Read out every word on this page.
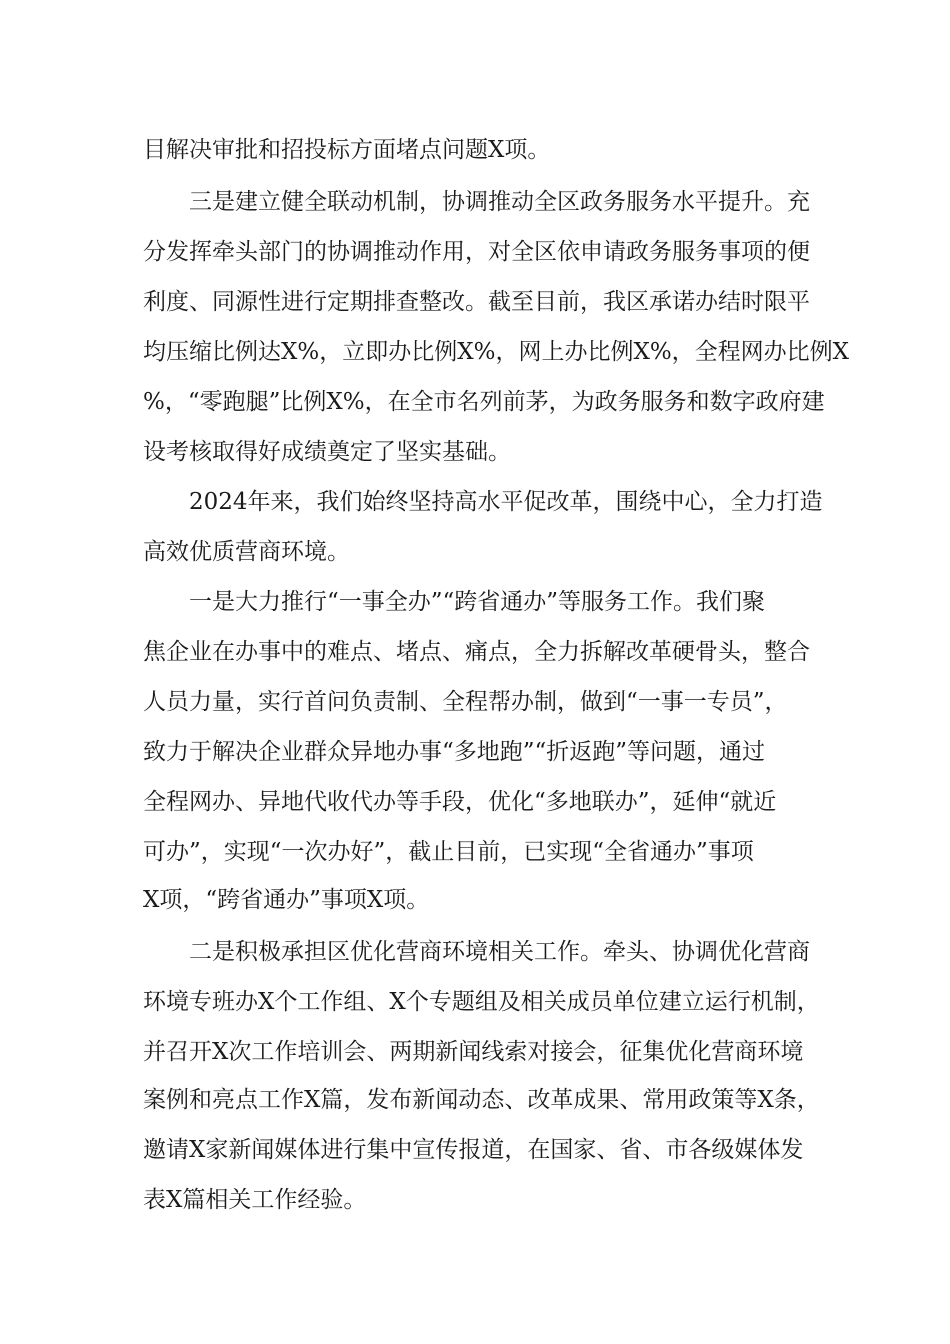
目解决审批和招投标方面堵点问题X项。
三是建立健全联动机制，协调推动全区政务服务水平提升。充
分发挥牵头部门的协调推动作用，对全区依申请政务服务事项的便
利度、同源性进行定期排查整改。截至目前，我区承诺办结时限平
均压缩比例达X%，立即办比例X%，网上办比例X%，全程网办比例X
%，“零跑腿”比例X%，在全市名列前茅，为政务服务和数字政府建
设考核取得好成绩奠定了坚实基础。
2024年来，我们始终坚持高水平促改革，围绕中心，全力打造
高效优质营商环境。
一是大力推行“一事全办”“跨省通办”等服务工作。我们聚
焦企业在办事中的难点、堵点、痛点，全力拆解改革硬骨头，整合
人员力量，实行首问负责制、全程帮办制，做到“一事一专员”，
致力于解决企业群众异地办事“多地跑”“折返跑”等问题，通过
全程网办、异地代收代办等手段，优化“多地联办”，延伸“就近
可办”，实现“一次办好”，截止目前，已实现“全省通办”事项
X项，“跨省通办”事项X项。
二是积极承担区优化营商环境相关工作。牵头、协调优化营商
环境专班办X个工作组、X个专题组及相关成员单位建立运行机制，
并召开X次工作培训会、两期新闻线索对接会，征集优化营商环境
案例和亮点工作X篇，发布新闻动态、改革成果、常用政策等X条，
邀请X家新闻媒体进行集中宣传报道，在国家、省、市各级媒体发
表X篇相关工作经验。
